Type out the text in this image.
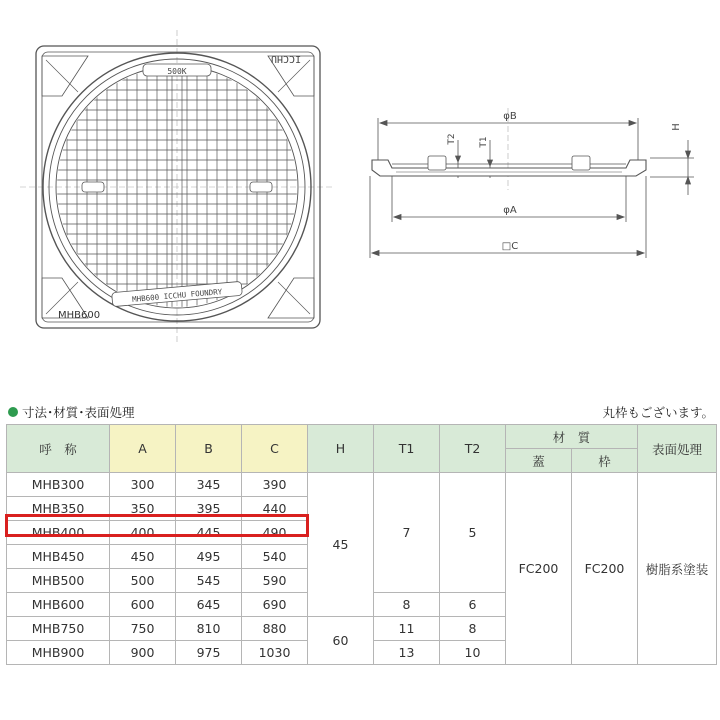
ICCHU
500K
MHB600 ICCHU FOUNDRY
MHB600
φB
φA
□C
H
T2 T1
寸法･材質･表面処理	丸枠もございます。
呼　称	A	B	C	H	T1	T2	材　質		表面処理
							蓋	枠	
MHB300	300	345	390	45	7	5	FC200	FC200	樹脂系塗装
MHB350	350	395	440						
MHB400	400	445	490						
MHB450	450	495	540						
MHB500	500	545	590						
MHB600	600	645	690		8	6			
MHB750	750	810	880	60	11	8			
MHB900	900	975	1030		13	10			
